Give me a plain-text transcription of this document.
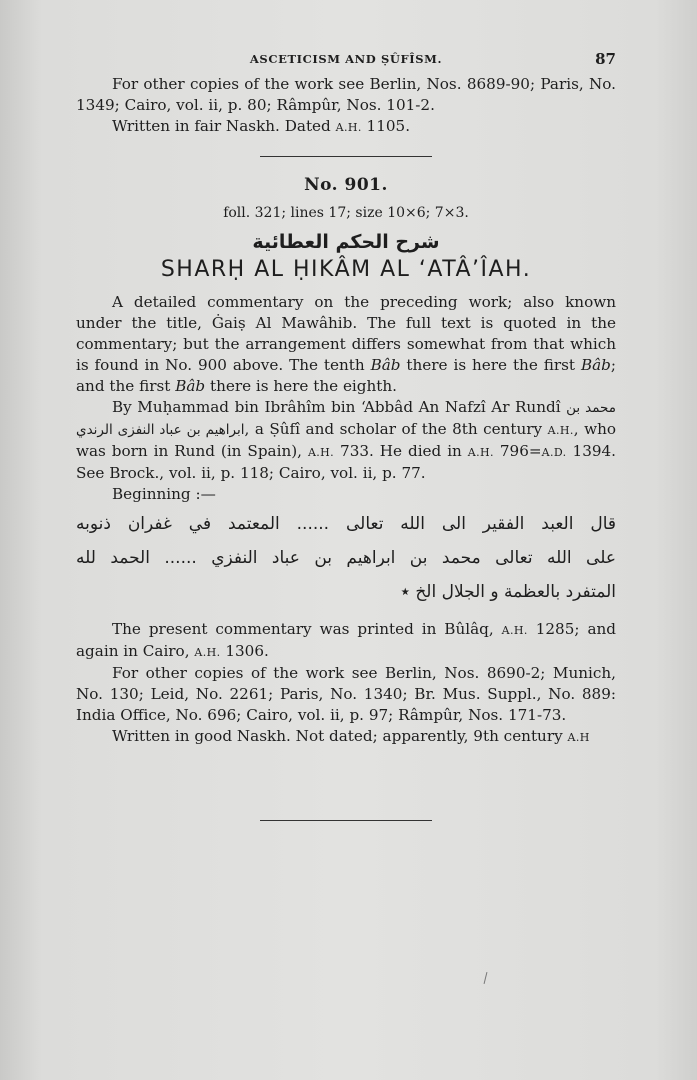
ASCETICISM AND ṢÛFÎSM.	87

For other copies of the work see Berlin, Nos. 8689-90; Paris, No. 1349; Cairo, vol. ii, p. 80; Râmpûr, Nos. 101-2.

Written in fair Naskh. Dated A.H. 1105.

No. 901.
foll. 321; lines 17; size 10×6; 7×3.
شرح الحكم العطائية
SHARḤ AL ḤIKÂM AL ‘ATÂ’ÎAH.

A detailed commentary on the preceding work; also known under the title, Ġaiṣ Al Mawâhib. The full text is quoted in the commentary; but the arrangement differs somewhat from that which is found in No. 900 above. The tenth Bâb there is here the first Bâb; and the first Bâb there is here the eighth.

By Muḥammad bin Ibrâhîm bin ‘Abbâd An Nafzî Ar Rundî محمد بن ابراهيم بن عباد النفزى الرندي, a Ṣûfî and scholar of the 8th century A.H., who was born in Rund (in Spain), A.H. 733. He died in A.H. 796=A.D. 1394. See Brock., vol. ii, p. 118; Cairo, vol. ii, p. 77.

Beginning :—

قال العبد الفقير الى الله تعالى ...... المعتمد في غفران ذنوبه
على الله تعالى محمد بن ابراهيم بن عباد النفزي ...... الحمد لله
المتفرد بالعظمة و الجلال الخ ٭

The present commentary was printed in Bûlâq, A.H. 1285; and again in Cairo, A.H. 1306.

For other copies of the work see Berlin, Nos. 8690-2; Munich, No. 130; Leid, No. 2261; Paris, No. 1340; Br. Mus. Suppl., No. 889: India Office, No. 696; Cairo, vol. ii, p. 97; Râmpûr, Nos. 171-73.

Written in good Naskh. Not dated; apparently, 9th century A.H
